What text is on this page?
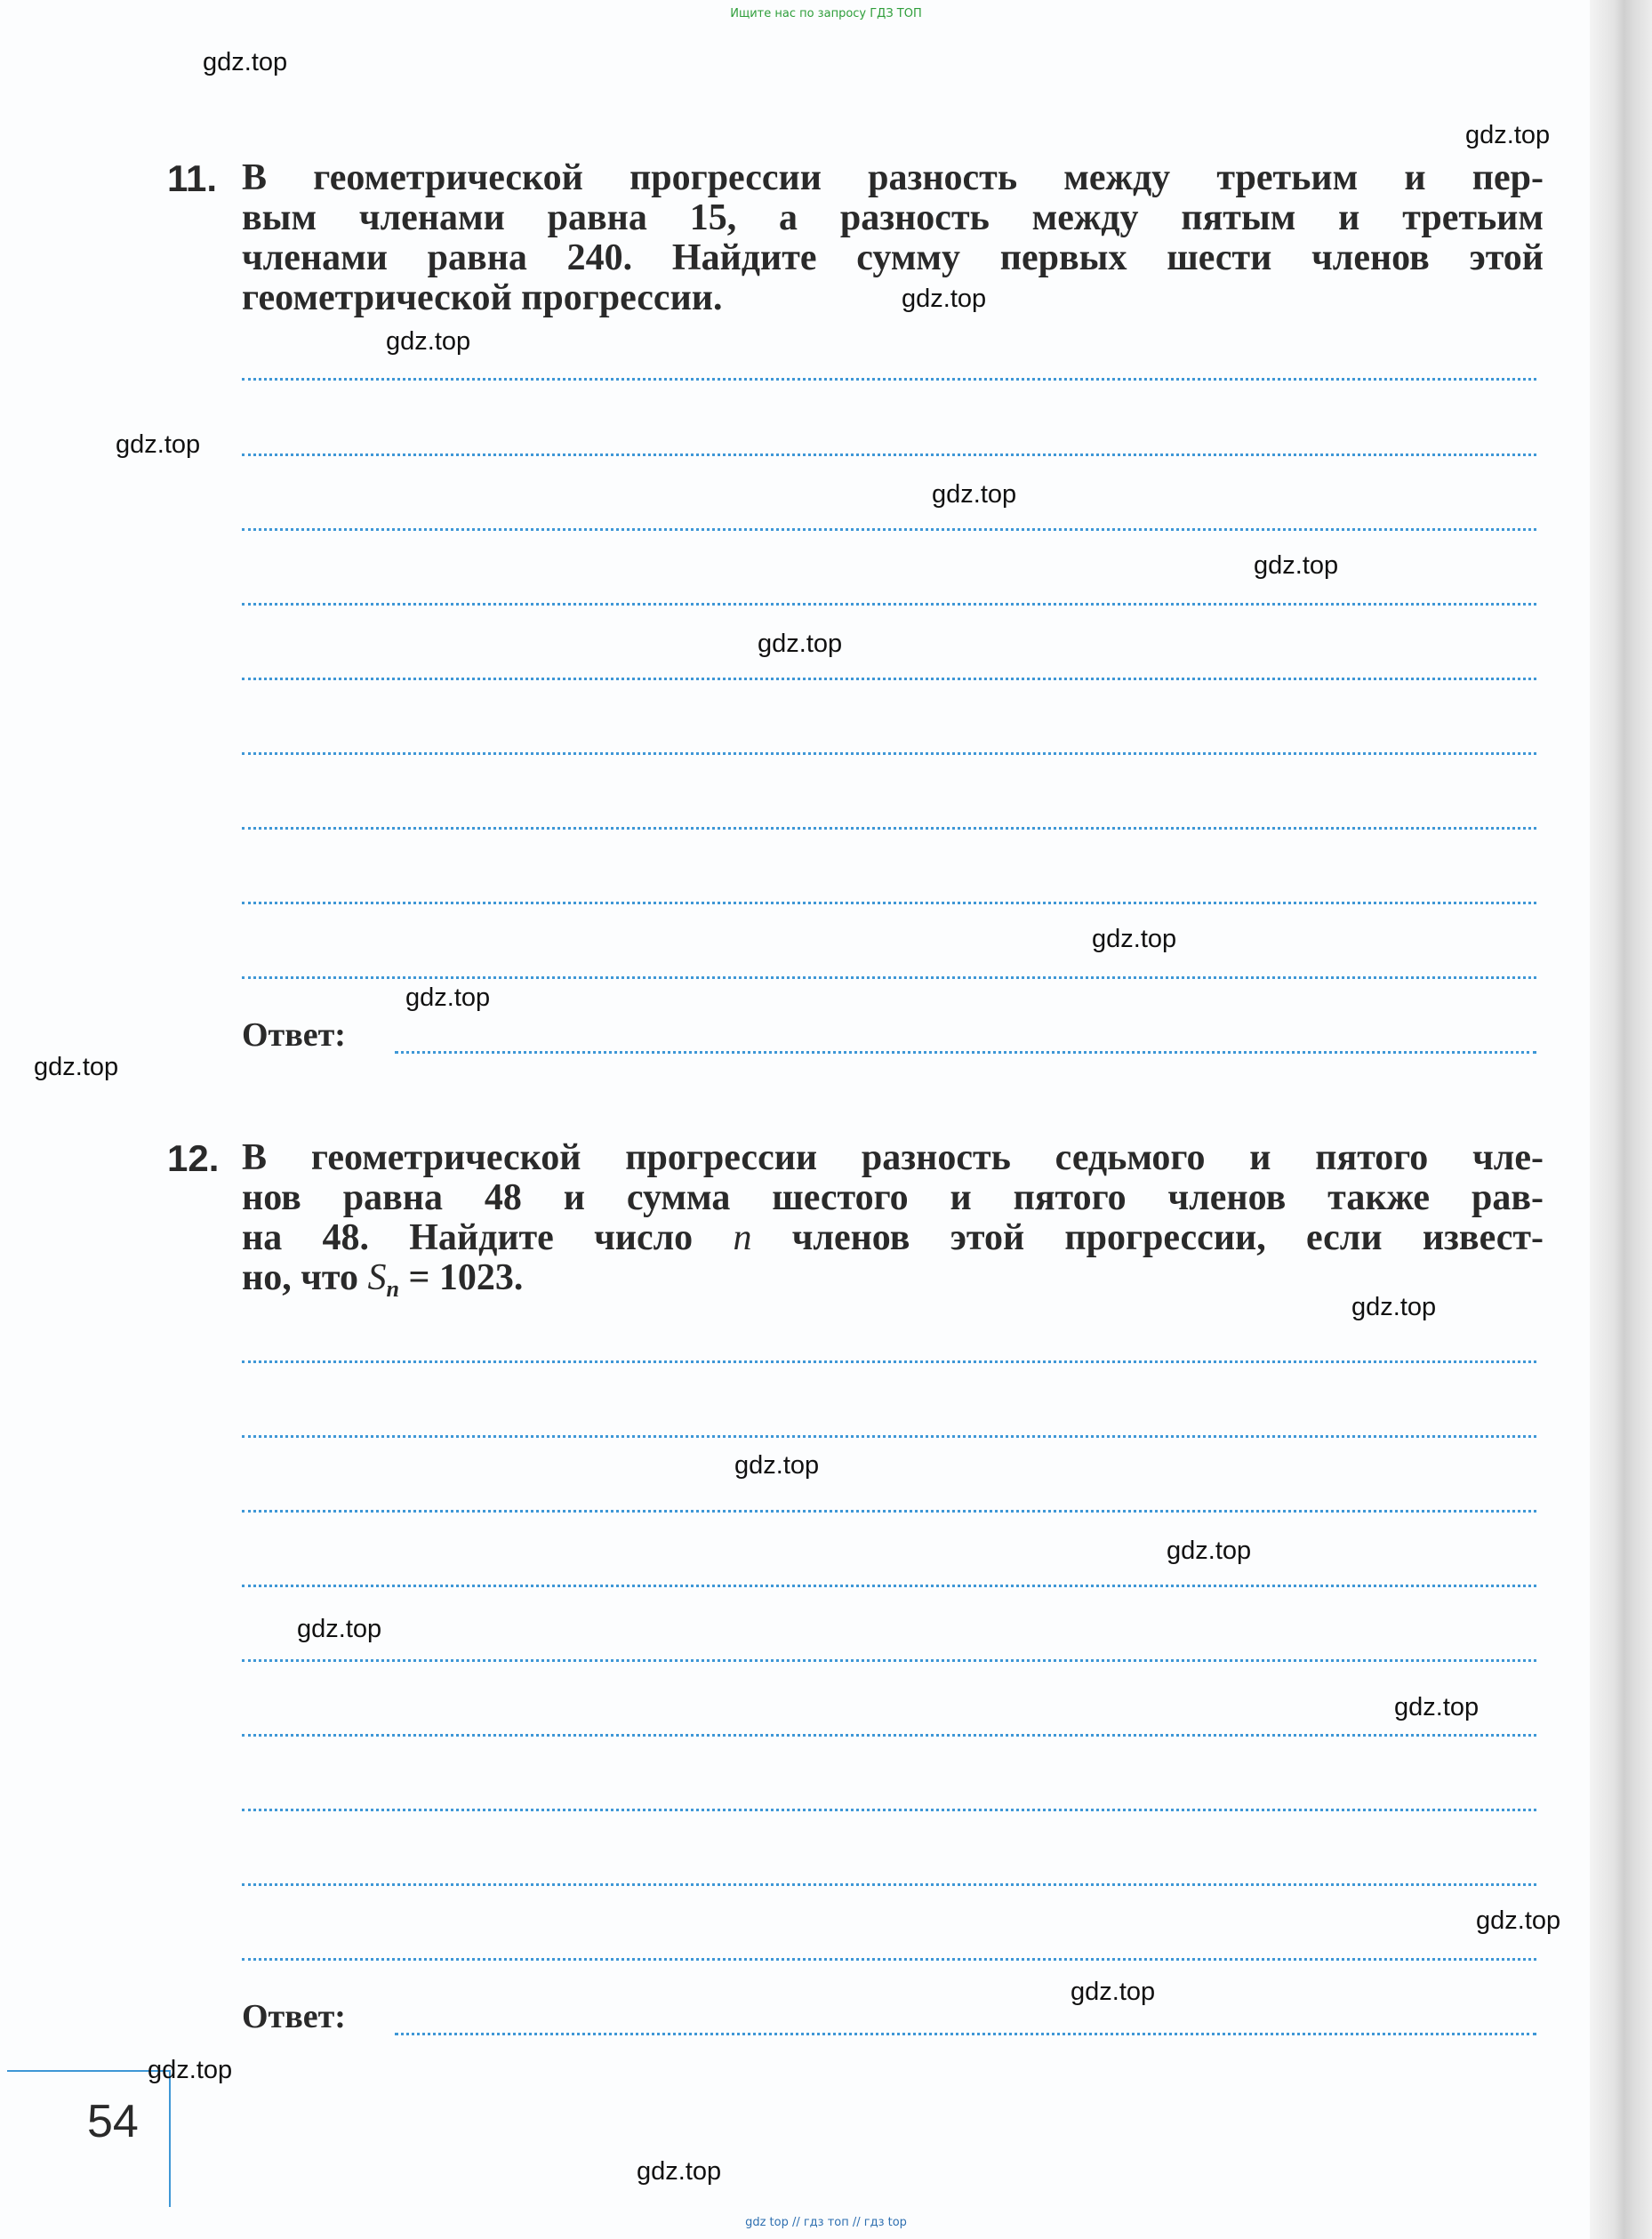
Ищите нас по запросу ГДЗ ТОП
11. В геометрической прогрессии разность между третьим и пер-
вым членами равна 15, а разность между пятым и третьим
членами равна 240. Найдите сумму первых шести членов этой
геометрической прогрессии.
Ответ:
12. В геометрической прогрессии разность седьмого и пятого чле-
нов равна 48 и сумма шестого и пятого членов также рав-
на 48. Найдите число n членов этой прогрессии, если извест-
но, что $S_n = 1023$.
Ответ:
54
gdz.top
gdz.top
gdz.top
gdz.top
gdz.top
gdz.top
gdz.top
gdz.top
gdz.top
gdz.top
gdz.top
gdz.top
gdz.top
gdz.top
gdz.top
gdz.top
gdz.top
gdz.top
gdz.top
gdz.top
gdz top // гдз топ // гдз top
